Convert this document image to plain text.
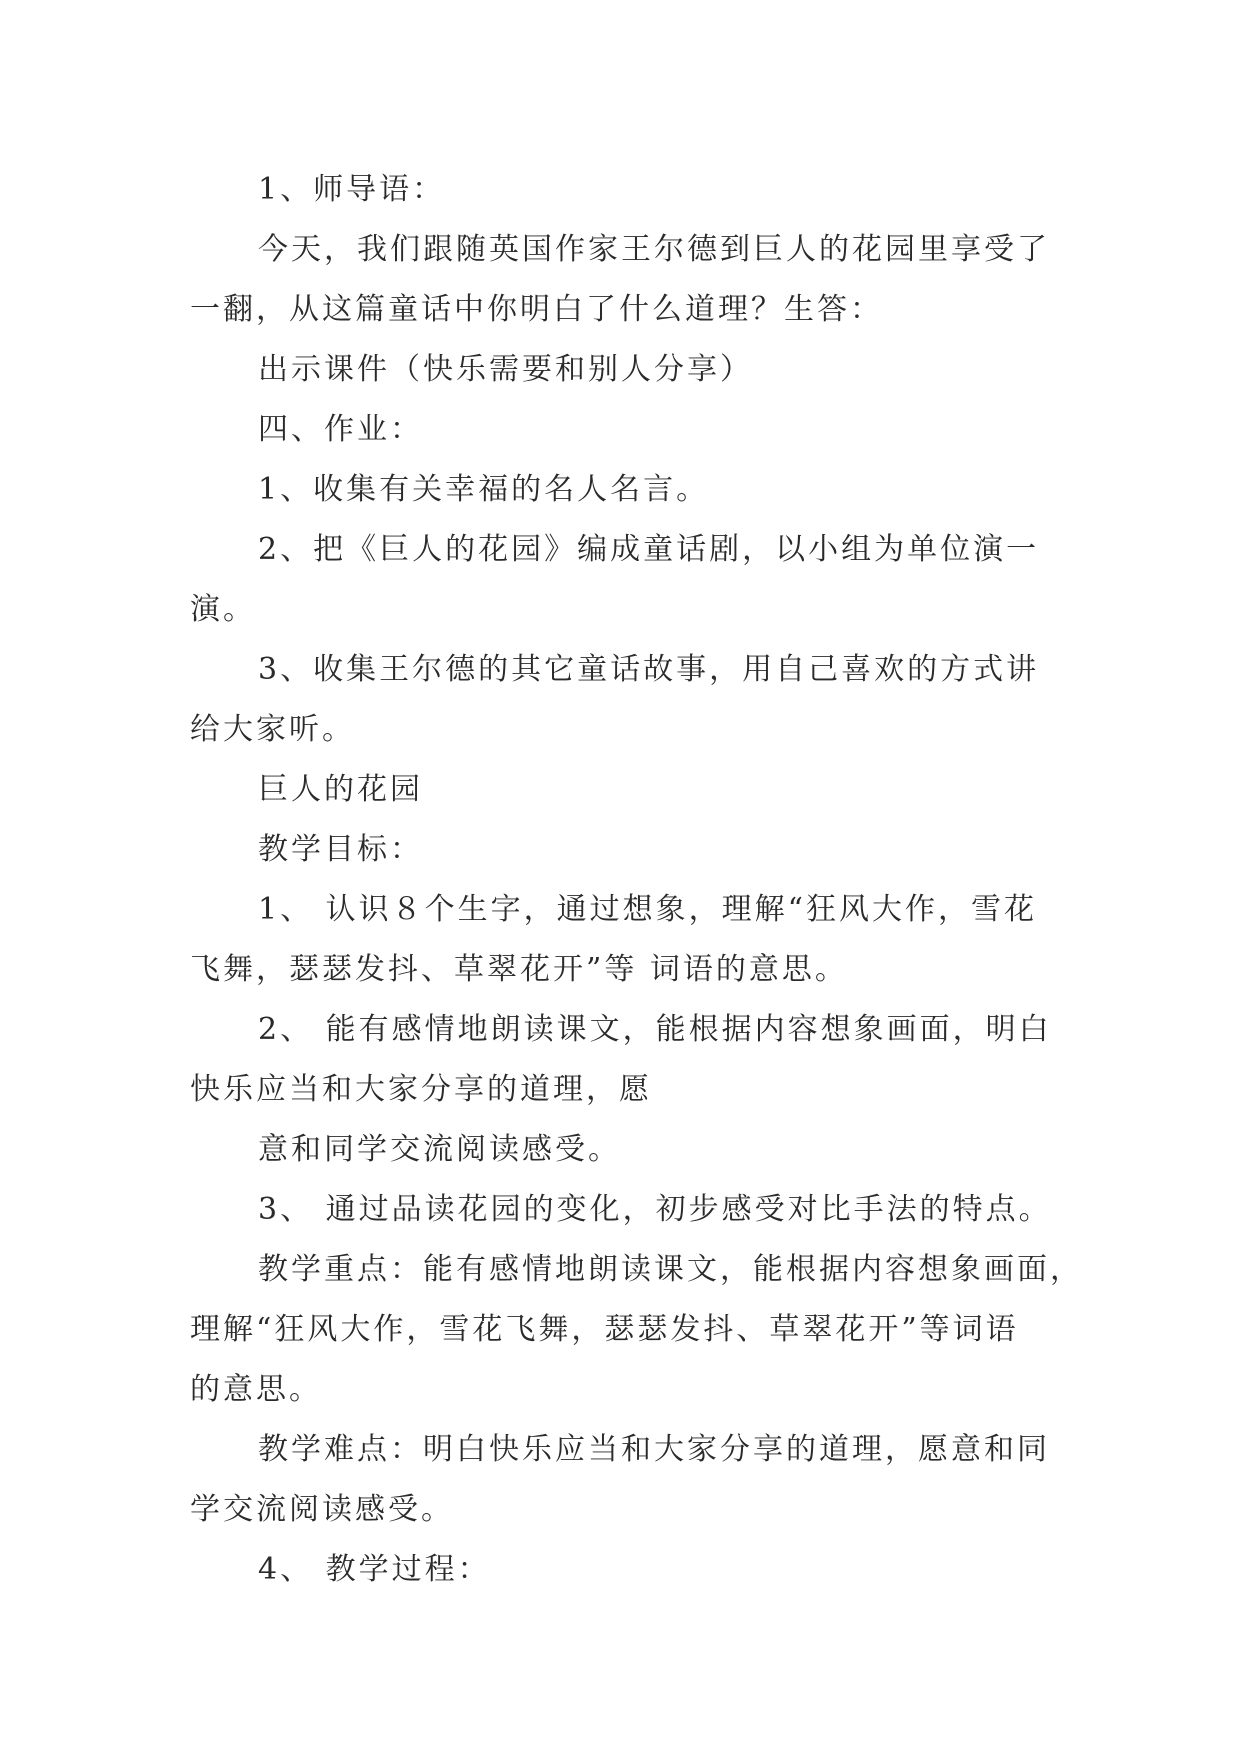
1、师导语：

今天，我们跟随英国作家王尔德到巨人的花园里享受了
一翻，从这篇童话中你明白了什么道理？生答：

出示课件（快乐需要和别人分享）

四、作业：

1、收集有关幸福的名人名言。

2、把《巨人的花园》编成童话剧，以小组为单位演一
演。

3、收集王尔德的其它童话故事，用自己喜欢的方式讲
给大家听。

巨人的花园

教学目标：

1、 认识８个生字，通过想象，理解“狂风大作，雪花
飞舞，瑟瑟发抖、草翠花开”等 词语的意思。

2、 能有感情地朗读课文，能根据内容想象画面，明白
快乐应当和大家分享的道理，愿

意和同学交流阅读感受。

3、 通过品读花园的变化，初步感受对比手法的特点。

教学重点：能有感情地朗读课文，能根据内容想象画面，
理解“狂风大作，雪花飞舞，瑟瑟发抖、草翠花开”等词语
的意思。

教学难点：明白快乐应当和大家分享的道理，愿意和同
学交流阅读感受。

4、 教学过程：
